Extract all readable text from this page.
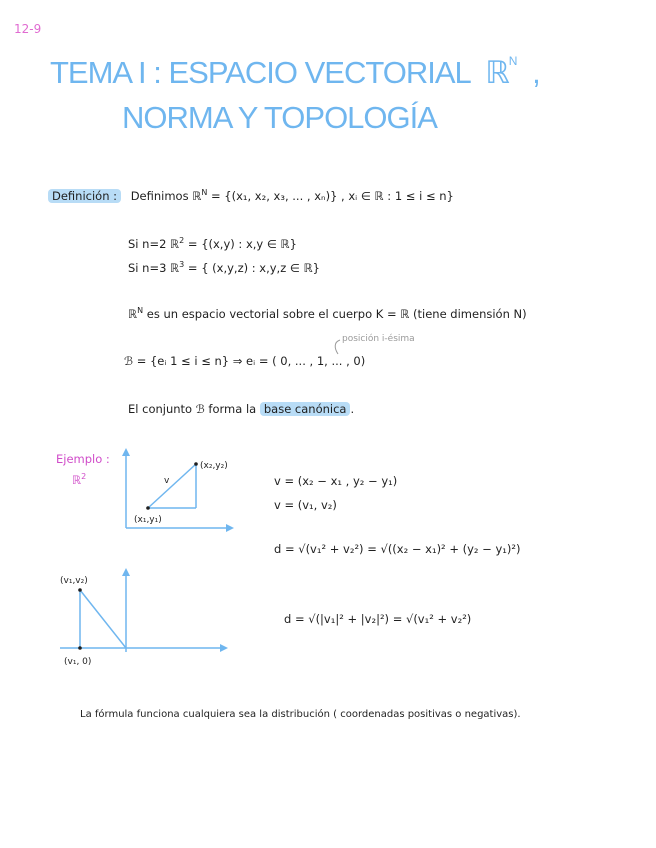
12-9
TEMA I : ESPACIO VECTORIAL ℝ$^N$ ,
NORMA Y TOPOLOGÍA
Definición : Definimos ℝ$^N$ = {(x₁, x₂, x₃, ... , xₙ)} , xᵢ ∈ ℝ : 1 ≤ i ≤ n}
Si n=2 ℝ$^2$ = {(x,y) : x,y ∈ ℝ}
Si n=3 ℝ$^3$ = { (x,y,z) : x,y,z ∈ ℝ}
ℝ$^N$ es un espacio vectorial sobre el cuerpo K = ℝ (tiene dimensión N)
posición i-ésima
ℬ = {eᵢ 1 ≤ i ≤ n} ⇒ eᵢ = ( 0, ... , 1, ... , 0)
El conjunto ℬ forma la base canónica .
Ejemplo :
ℝ$^2$
(x₁,y₁)
(x₂,y₂)
v
(v₁,v₂)
(v₁, 0)
v = (x₂ − x₁ , y₂ − y₁)
v = (v₁, v₂)
d = √(v₁² + v₂²) = √((x₂ − x₁)² + (y₂ − y₁)²)
d = √(|v₁|² + |v₂|²) = √(v₁² + v₂²)
La fórmula funciona cualquiera sea la distribución ( coordenadas positivas o negativas).
